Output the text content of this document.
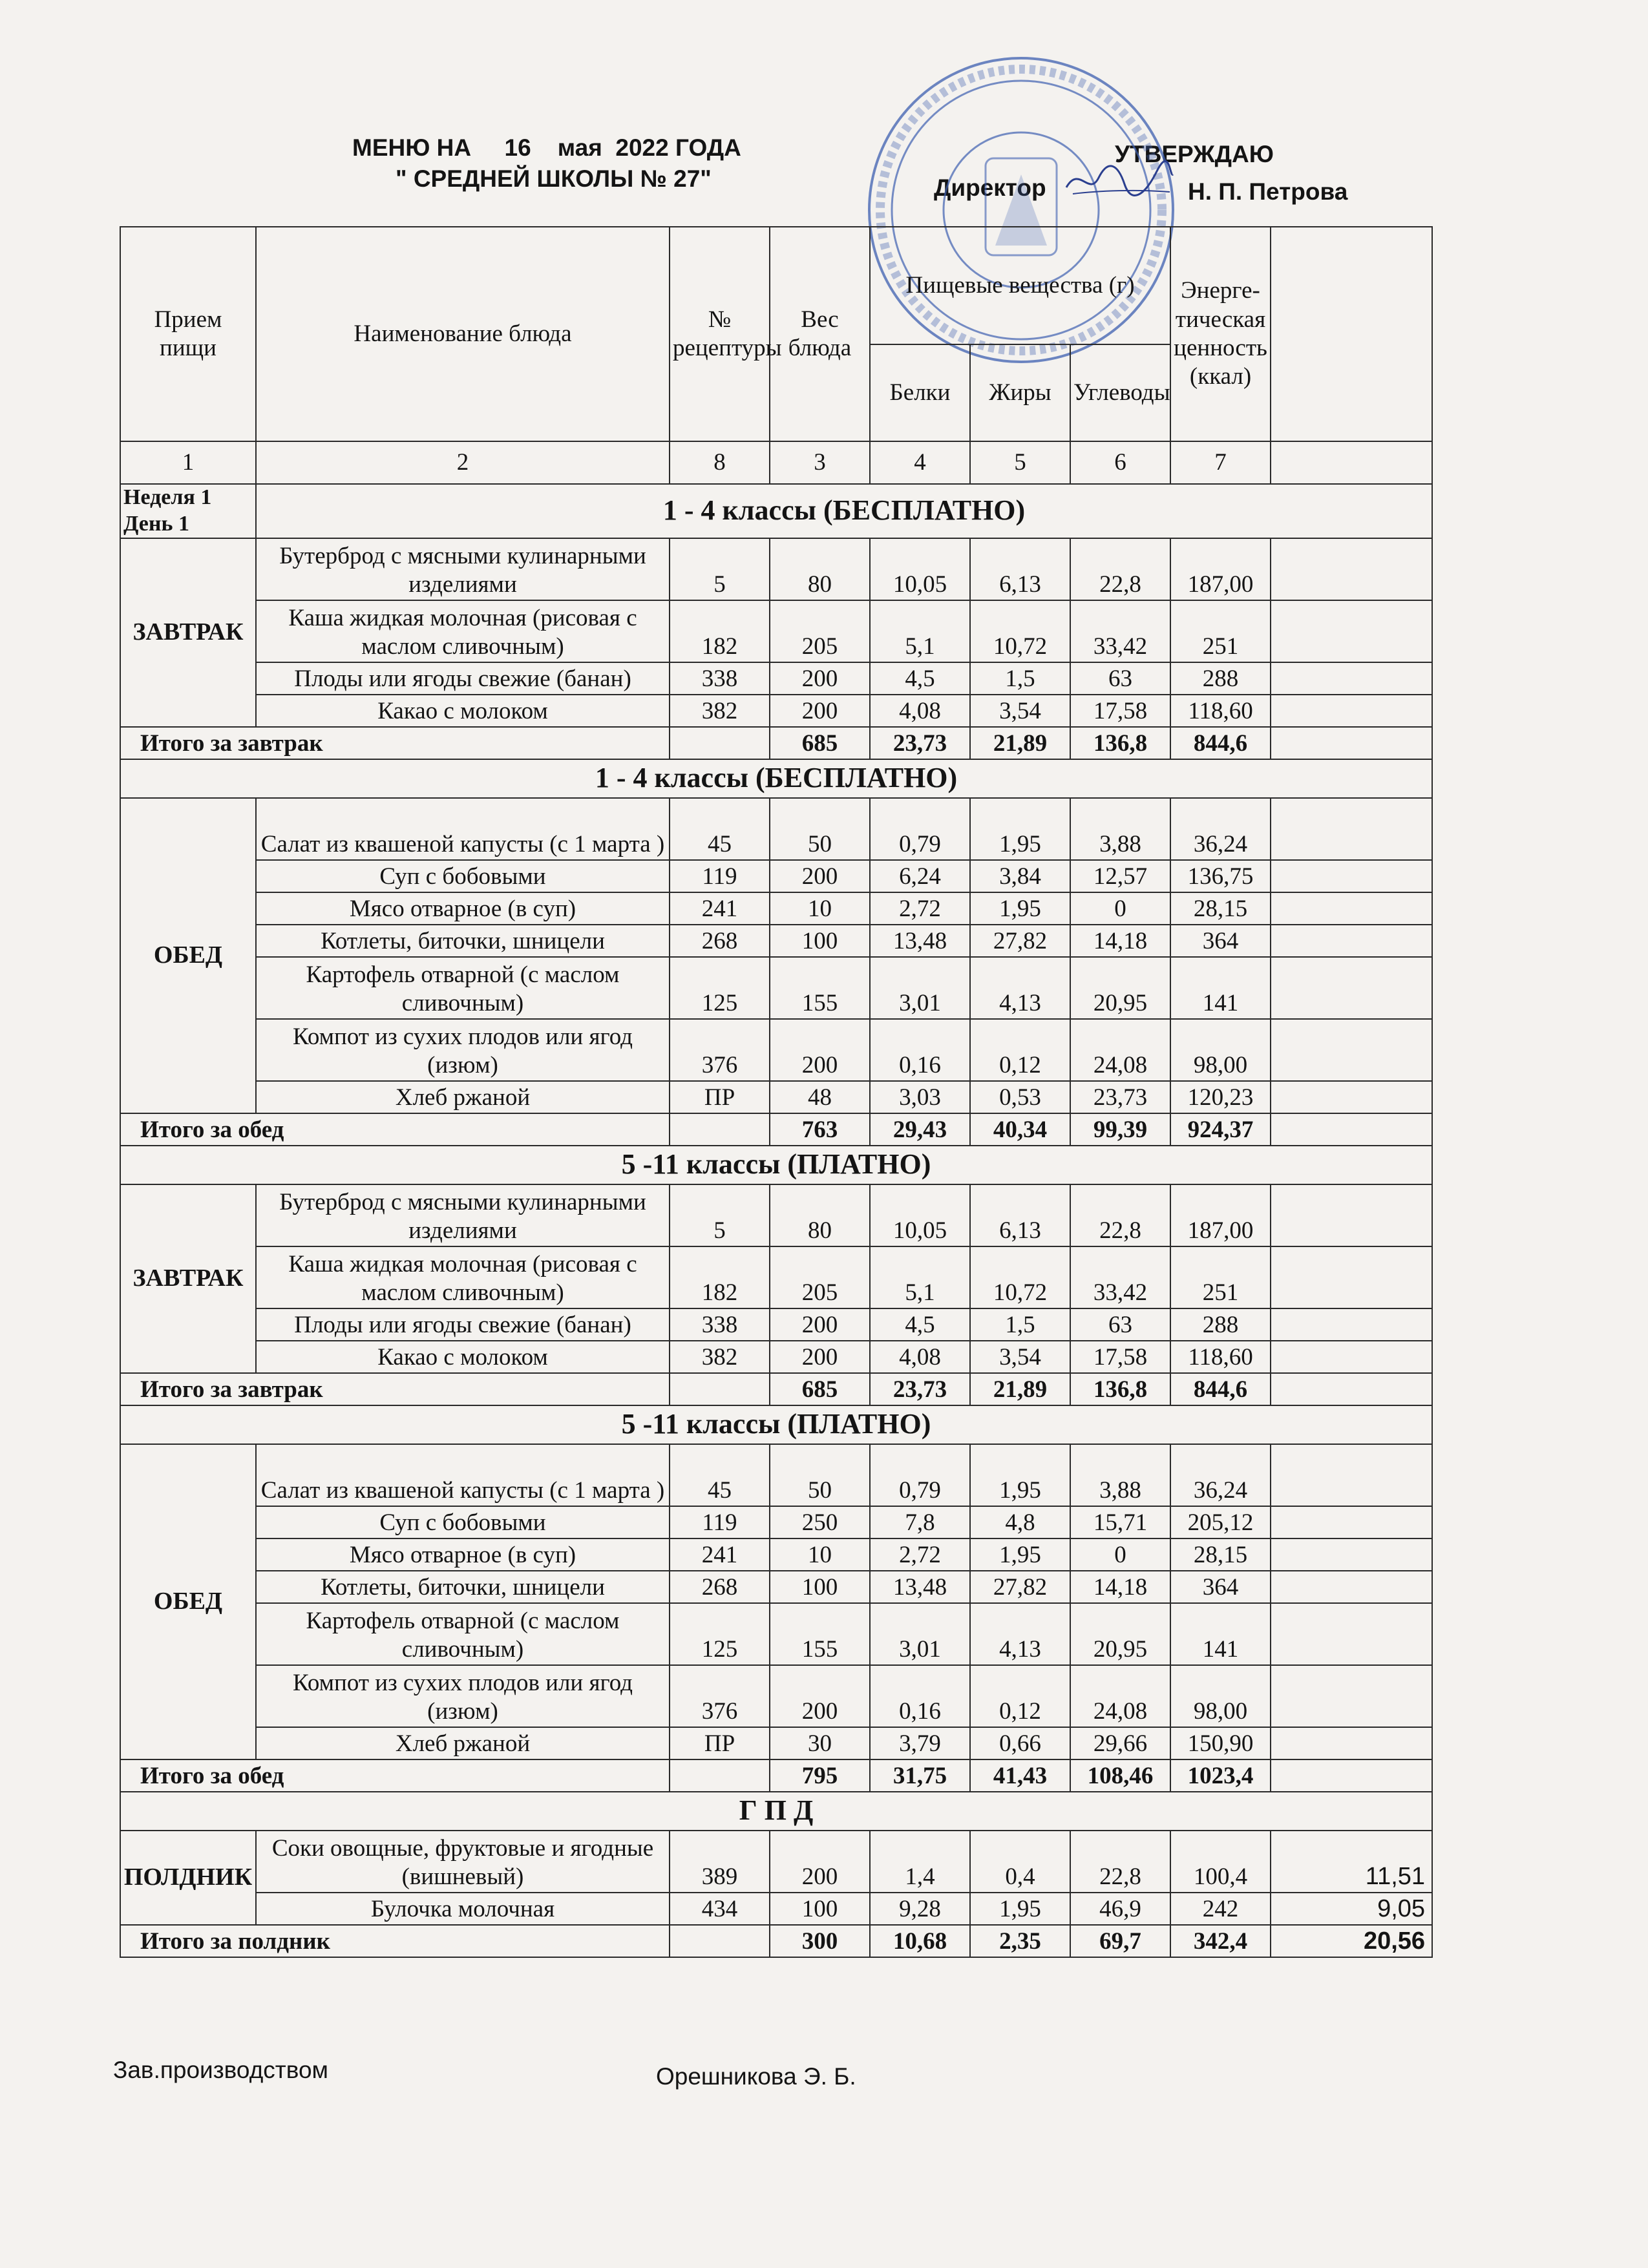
МЕНЮ НА     16    мая  2022 ГОДА
" СРЕДНЕЙ ШКОЛЫ № 27"
УТВЕРЖДАЮ
Директор	Н. П. Петрова
Прием пищи	Наименование блюда	№ рецептуры	Вес блюда	Пищевые вещества (г)			Энерге-тическая ценность (ккал)	
				Белки	Жиры	Углеводы		
1	2	8	3	4	5	6	7	

Неделя 1
День 1	1 - 4 классы (БЕСПЛАТНО)							
ЗАВТРАК	Бутерброд с мясными кулинарными изделиями	5	80	10,05	6,13	22,8	187,00	
	Каша жидкая молочная (рисовая с маслом сливочным)	182	205	5,1	10,72	33,42	251	
	Плоды или ягоды свежие (банан)	338	200	4,5	1,5	63	288	
	Какао с молоком	382	200	4,08	3,54	17,58	118,60	
Итого за завтрак			685	23,73	21,89	136,8	844,6	
1 - 4 классы (БЕСПЛАТНО)								
ОБЕД	Салат из квашеной капусты (с 1 марта )	45	50	0,79	1,95	3,88	36,24	
	Суп с бобовыми	119	200	6,24	3,84	12,57	136,75	
	Мясо отварное (в суп)	241	10	2,72	1,95	0	28,15	
	Котлеты, биточки, шницели	268	100	13,48	27,82	14,18	364	
	Картофель отварной (с маслом сливочным)	125	155	3,01	4,13	20,95	141	
	Компот из сухих плодов или ягод (изюм)	376	200	0,16	0,12	24,08	98,00	
	Хлеб ржаной	ПР	48	3,03	0,53	23,73	120,23	
Итого за обед			763	29,43	40,34	99,39	924,37	
5 -11 классы (ПЛАТНО)								
ЗАВТРАК	Бутерброд с мясными кулинарными изделиями	5	80	10,05	6,13	22,8	187,00	
	Каша жидкая молочная (рисовая с маслом сливочным)	182	205	5,1	10,72	33,42	251	
	Плоды или ягоды свежие (банан)	338	200	4,5	1,5	63	288	
	Какао с молоком	382	200	4,08	3,54	17,58	118,60	
Итого за завтрак			685	23,73	21,89	136,8	844,6	
5 -11 классы (ПЛАТНО)								
ОБЕД	Салат из квашеной капусты (с 1 марта )	45	50	0,79	1,95	3,88	36,24	
	Суп с бобовыми	119	250	7,8	4,8	15,71	205,12	
	Мясо отварное (в суп)	241	10	2,72	1,95	0	28,15	
	Котлеты, биточки, шницели	268	100	13,48	27,82	14,18	364	
	Картофель отварной (с маслом сливочным)	125	155	3,01	4,13	20,95	141	
	Компот из сухих плодов или ягод (изюм)	376	200	0,16	0,12	24,08	98,00	
	Хлеб ржаной	ПР	30	3,79	0,66	29,66	150,90	
Итого за обед			795	31,75	41,43	108,46	1023,4	
Г П Д								
ПОЛДНИК	Соки овощные, фруктовые и ягодные (вишневый)	389	200	1,4	0,4	22,8	100,4	11,51
	Булочка молочная	434	100	9,28	1,95	46,9	242	9,05
Итого за полдник			300	10,68	2,35	69,7	342,4	20,56
Зав.производством	Орешникова Э. Б.
